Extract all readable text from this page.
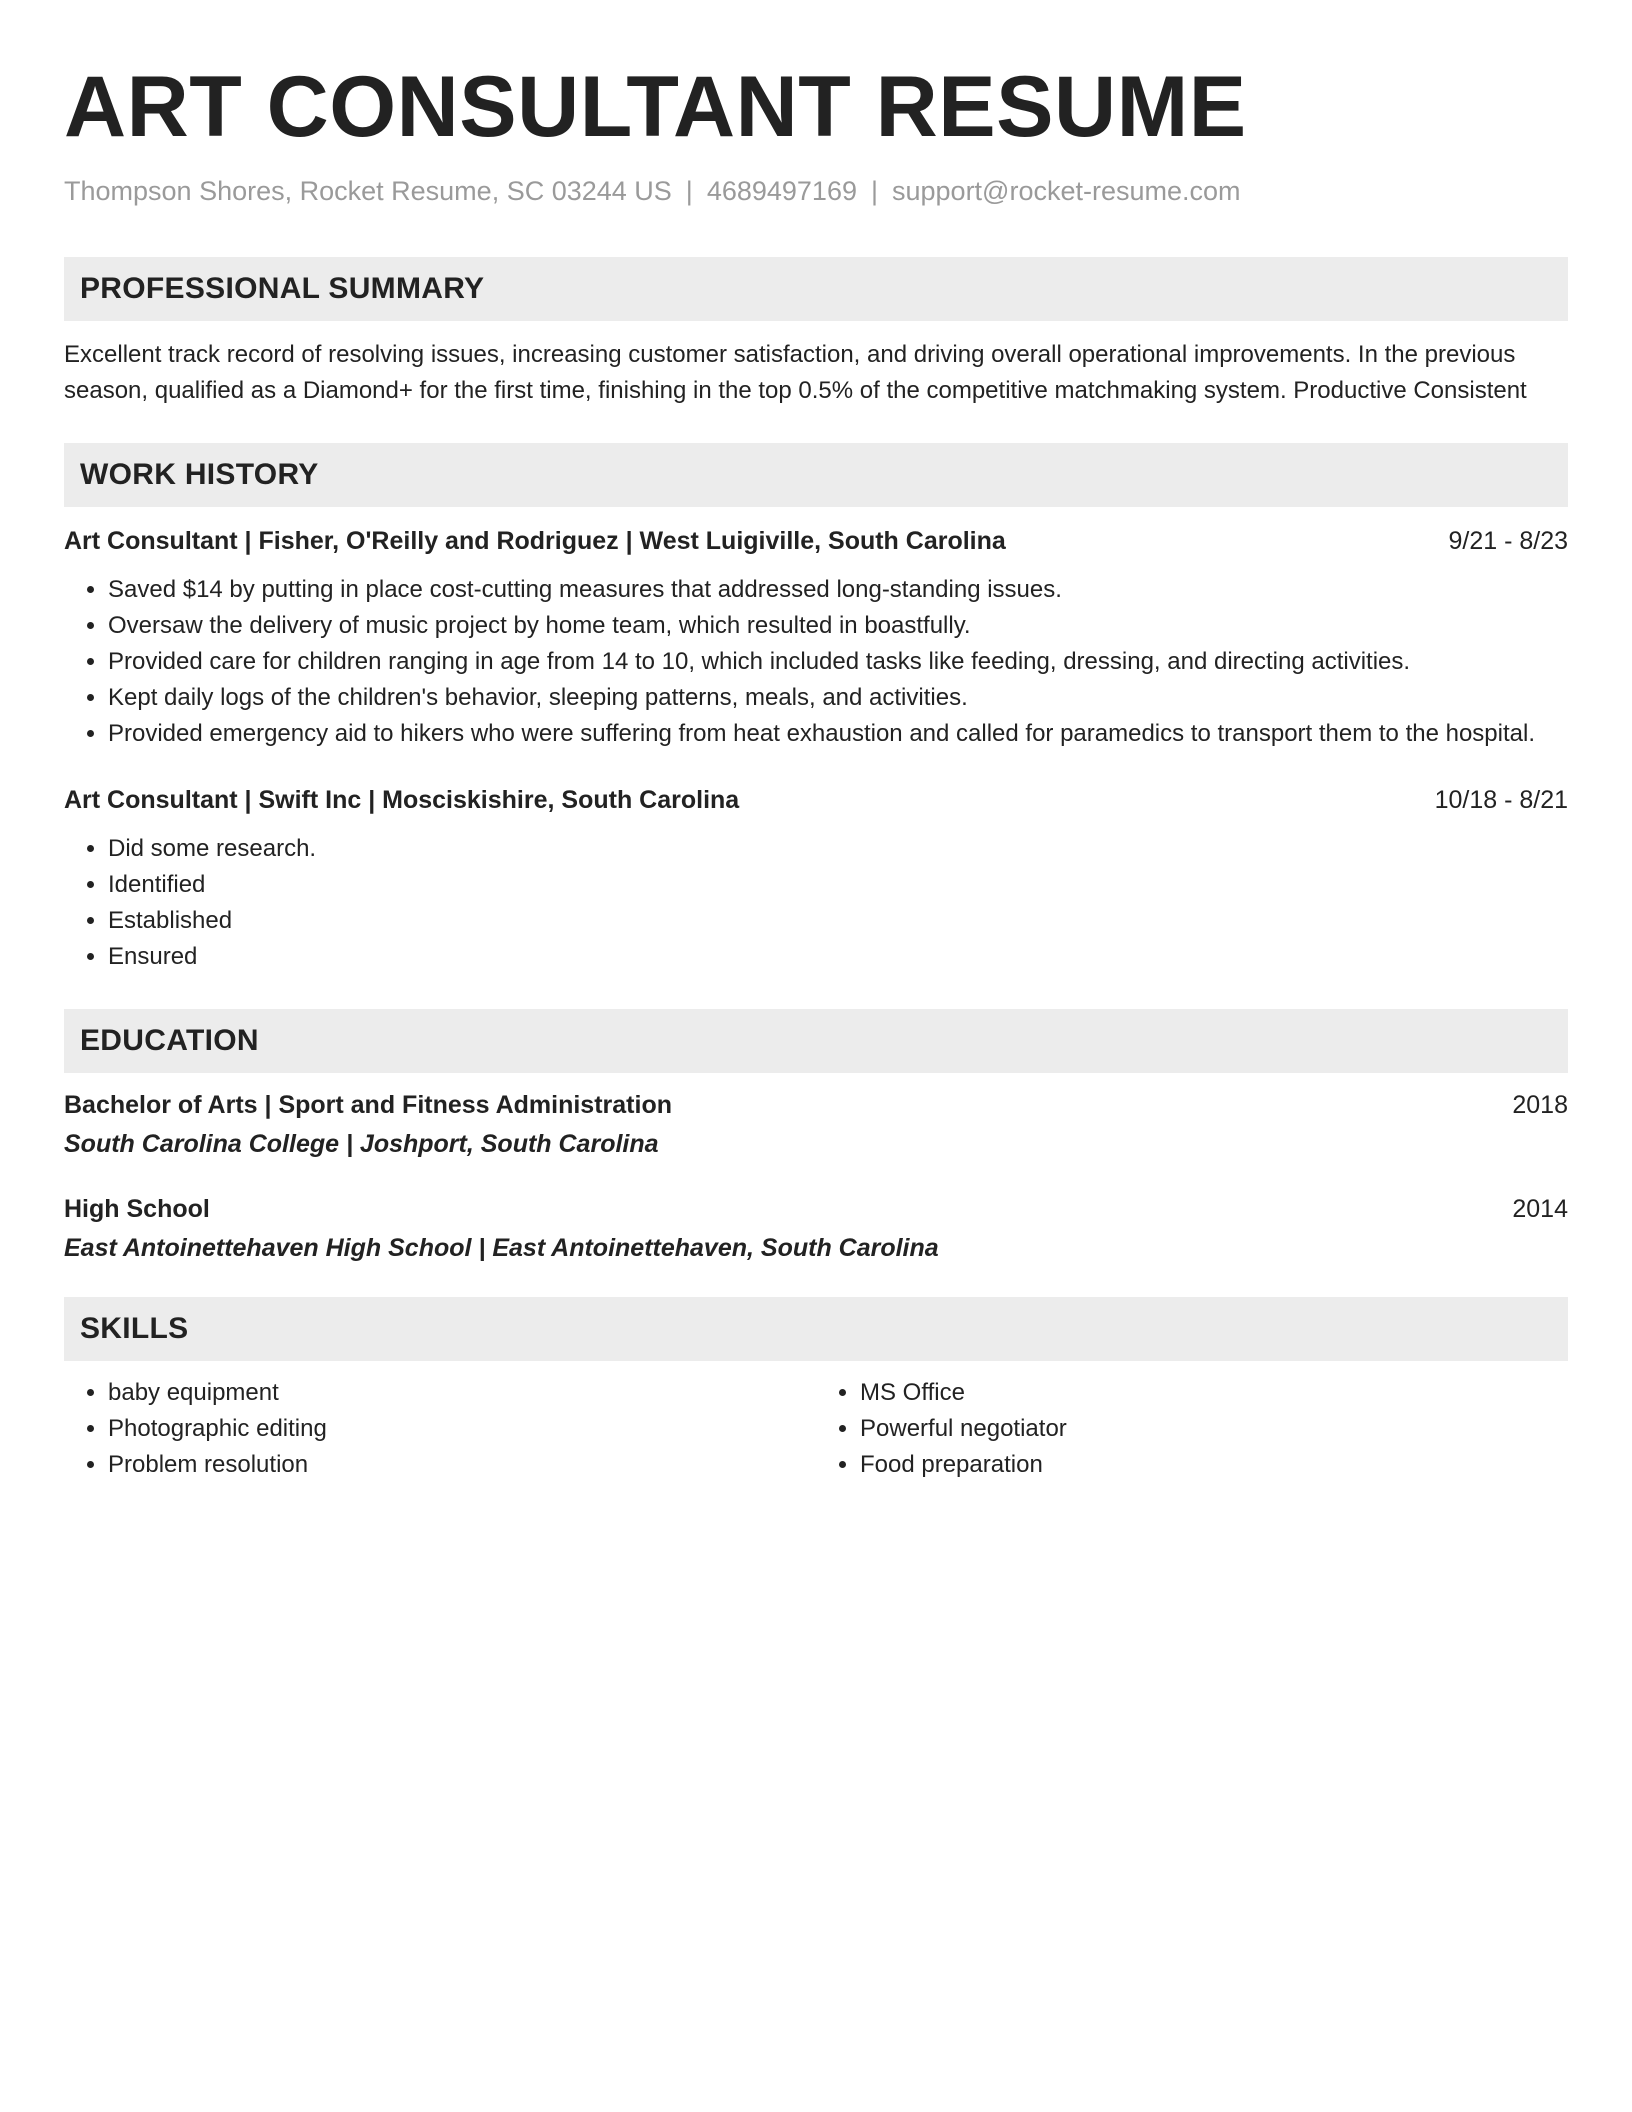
ART CONSULTANT RESUME
Thompson Shores, Rocket Resume, SC 03244 US | 4689497169 | support@rocket-resume.com
PROFESSIONAL SUMMARY

Excellent track record of resolving issues, increasing customer satisfaction, and driving overall operational improvements. In the previous season, qualified as a Diamond+ for the first time, finishing in the top 0.5% of the competitive matchmaking system. Productive Consistent

WORK HISTORY
Art Consultant | Fisher, O'Reilly and Rodriguez | West Luigiville, South Carolina	9/21 - 8/23
• Saved $14 by putting in place cost-cutting measures that addressed long-standing issues.
• Oversaw the delivery of music project by home team, which resulted in boastfully.
• Provided care for children ranging in age from 14 to 10, which included tasks like feeding, dressing, and directing activities.
• Kept daily logs of the children's behavior, sleeping patterns, meals, and activities.
• Provided emergency aid to hikers who were suffering from heat exhaustion and called for paramedics to transport them to the hospital.
Art Consultant | Swift Inc | Mosciskishire, South Carolina	10/18 - 8/21
• Did some research.
• Identified
• Established
• Ensured
EDUCATION
Bachelor of Arts | Sport and Fitness Administration	2018
South Carolina College | Joshport, South Carolina
High School	2014
East Antoinettehaven High School | East Antoinettehaven, South Carolina
SKILLS
• baby equipment
• Photographic editing
• Problem resolution
• MS Office
• Powerful negotiator
• Food preparation
